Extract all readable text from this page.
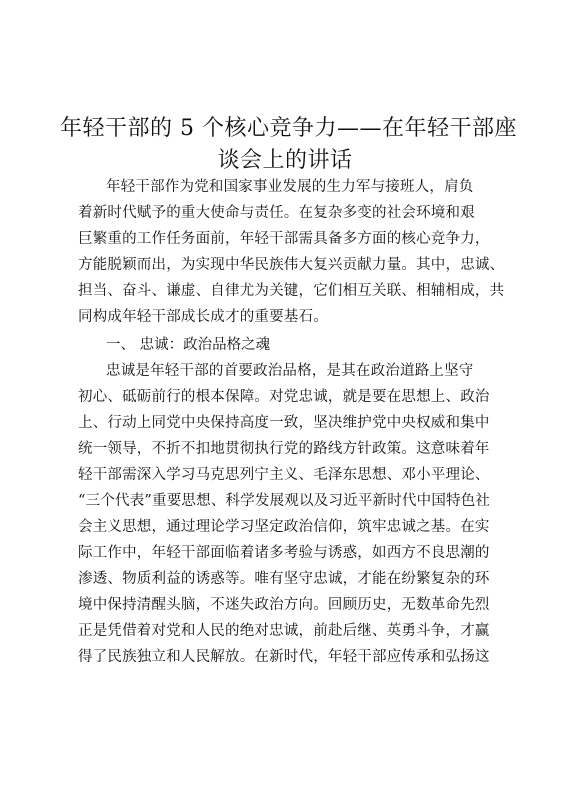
年轻干部的 5 个核心竞争力——在年轻干部座
谈会上的讲话
年轻干部作为党和国家事业发展的生力军与接班人，肩负
着新时代赋予的重大使命与责任。在复杂多变的社会环境和艰
巨繁重的工作任务面前，年轻干部需具备多方面的核心竞争力，
方能脱颖而出，为实现中华民族伟大复兴贡献力量。其中，忠诚、
担当、奋斗、谦虚、自律尤为关键，它们相互关联、相辅相成，共
同构成年轻干部成长成才的重要基石。
一、 忠诚：政治品格之魂
忠诚是年轻干部的首要政治品格，是其在政治道路上坚守
初心、砥砺前行的根本保障。对党忠诚，就是要在思想上、政治
上、行动上同党中央保持高度一致，坚决维护党中央权威和集中
统一领导，不折不扣地贯彻执行党的路线方针政策。这意味着年
轻干部需深入学习马克思列宁主义、毛泽东思想、邓小平理论、
“三个代表”重要思想、科学发展观以及习近平新时代中国特色社
会主义思想，通过理论学习坚定政治信仰，筑牢忠诚之基。在实
际工作中，年轻干部面临着诸多考验与诱惑，如西方不良思潮的
渗透、物质利益的诱惑等。唯有坚守忠诚，才能在纷繁复杂的环
境中保持清醒头脑，不迷失政治方向。回顾历史，无数革命先烈
正是凭借着对党和人民的绝对忠诚，前赴后继、英勇斗争，才赢
得了民族独立和人民解放。在新时代，年轻干部应传承和弘扬这
